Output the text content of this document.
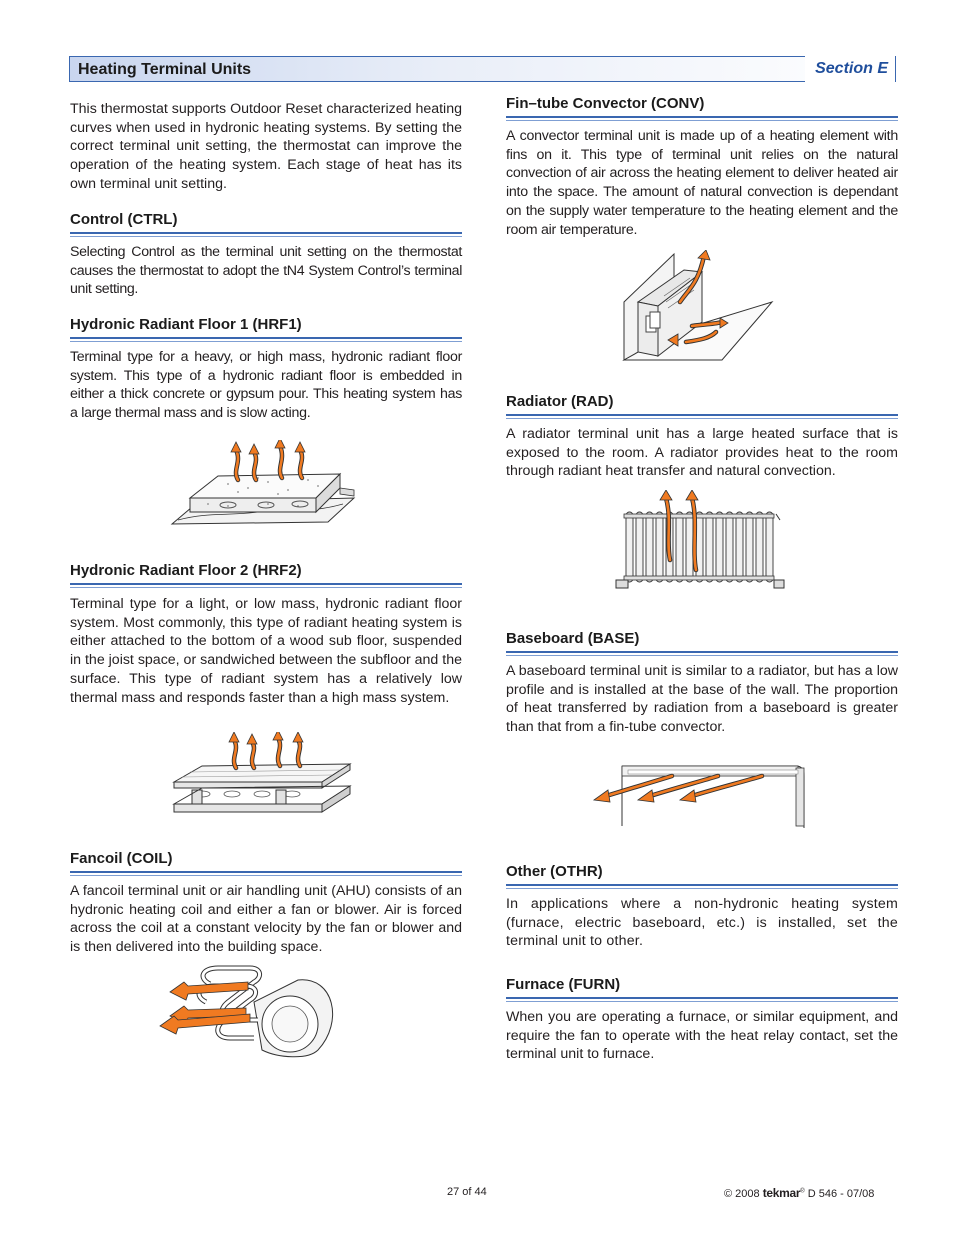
Heating Terminal Units	Section E
This thermostat supports Outdoor Reset characterized heating curves when used in hydronic heating systems. By setting the correct terminal unit setting, the thermostat can improve the operation of the heating system. Each stage of heat has its own terminal unit setting.
Control (CTRL)
Selecting Control as the terminal unit setting on the thermostat causes the thermostat to adopt the tN4 System Control’s terminal unit setting.
Hydronic Radiant Floor 1 (HRF1)
Terminal type for a heavy, or high mass, hydronic radiant floor system. This type of a hydronic radiant floor is embedded in either a thick concrete or gypsum pour. This heating system has a large thermal mass and is slow acting.
Hydronic Radiant Floor 2 (HRF2)
Terminal type for a light, or low mass, hydronic radiant floor system. Most commonly, this type of radiant heating system is either attached to the bottom of a wood sub floor, suspended in the joist space, or sandwiched between the subfloor and the surface. This type of radiant system has a relatively low thermal mass and responds faster than a high mass system.
Fancoil (COIL)
A fancoil terminal unit or air handling unit (AHU) consists of an hydronic heating coil and either a fan or blower. Air is forced across the coil at a constant velocity by the fan or blower and is then delivered into the building space.
Fin–tube Convector (CONV)
A convector terminal unit is made up of a heating element with fins on it. This type of terminal unit relies on the natural convection of air across the heating element to deliver heated air into the space. The amount of natural convection is dependant on the supply water temperature to the heating element and the room air temperature.
Radiator (RAD)
A radiator terminal unit has a large heated surface that is exposed to the room. A radiator provides heat to the room through radiant heat transfer and natural convection.
Baseboard (BASE)
A baseboard terminal unit is similar to a radiator, but has a low profile and is installed at the base of the wall. The proportion of heat transferred by radiation from a baseboard is greater than that from a fin-tube convector.
Other (OTHR)
In applications where a non-hydronic heating system (furnace, electric baseboard, etc.) is installed, set the terminal unit to other.
Furnace (FURN)
When you are operating a furnace, or similar equipment, and require the fan to operate with the heat relay contact, set the terminal unit to furnace.
27 of 44	© 2008 tekmar® D 546 - 07/08
